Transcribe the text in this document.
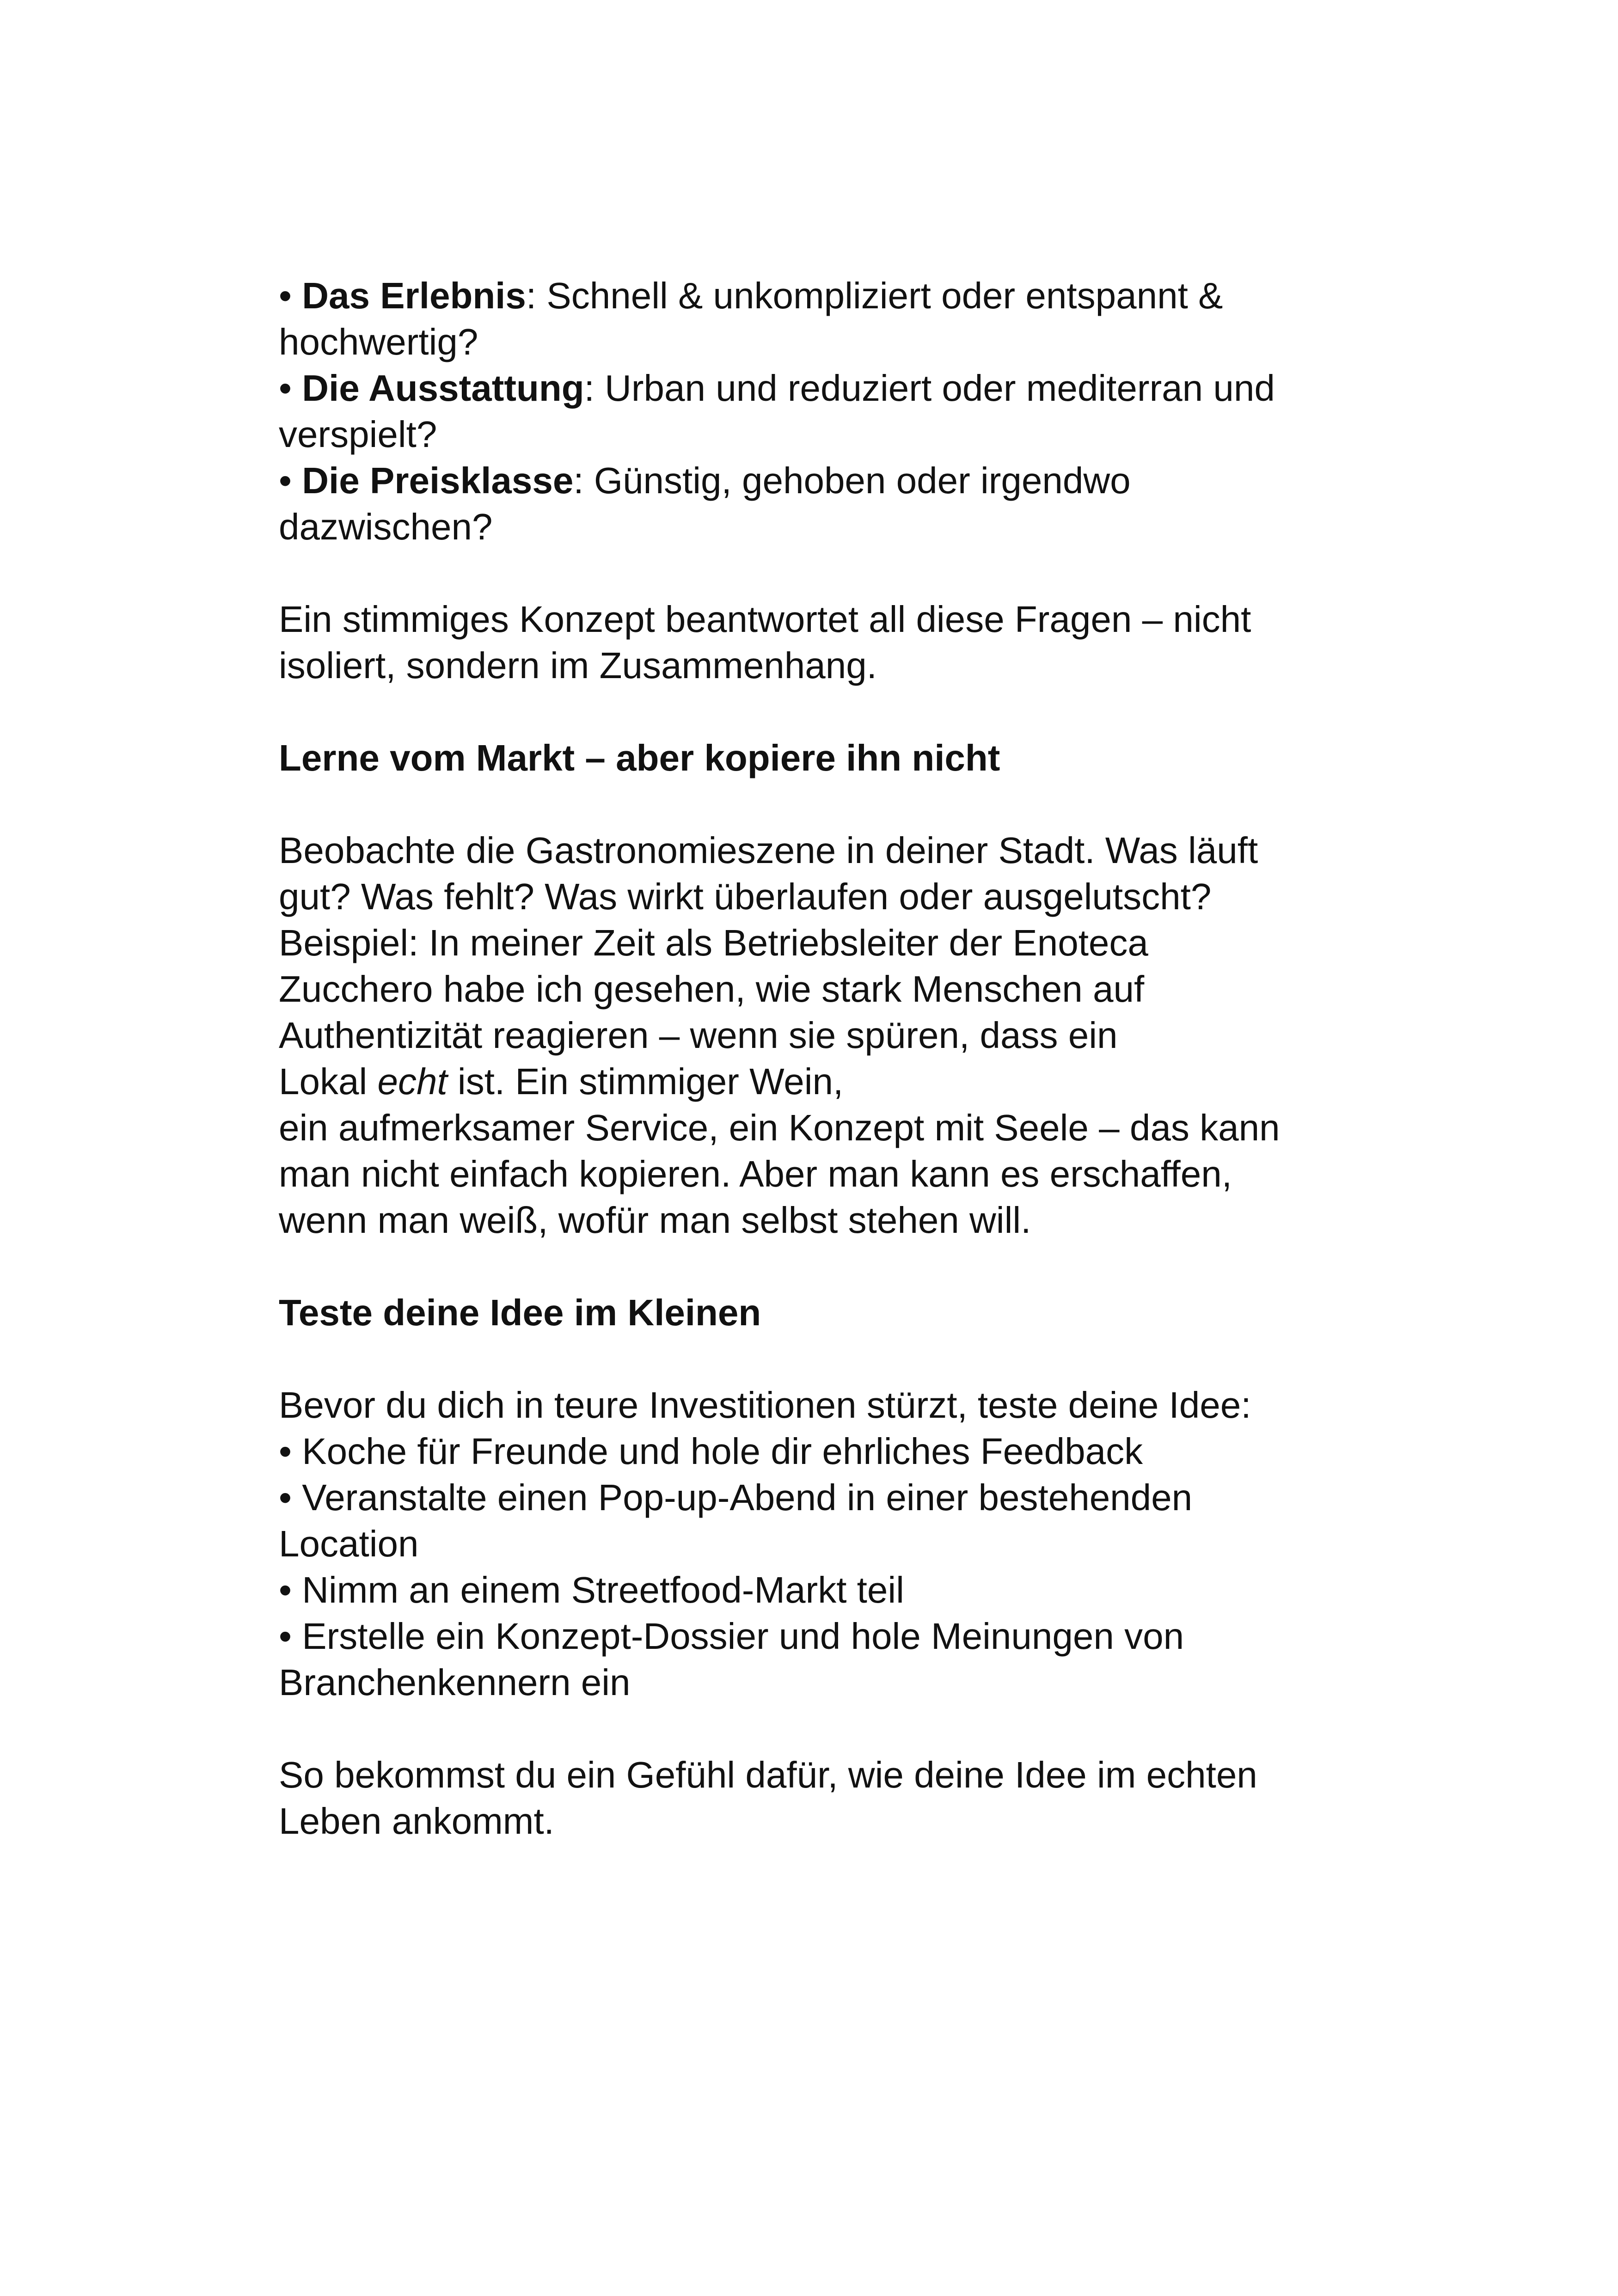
• Das Erlebnis: Schnell & unkompliziert oder entspannt &
hochwertig?
• Die Ausstattung: Urban und reduziert oder mediterran und
verspielt?
• Die Preisklasse: Günstig, gehoben oder irgendwo
dazwischen?
Ein stimmiges Konzept beantwortet all diese Fragen – nicht
isoliert, sondern im Zusammenhang.
Lerne vom Markt – aber kopiere ihn nicht
Beobachte die Gastronomieszene in deiner Stadt. Was läuft
gut? Was fehlt? Was wirkt überlaufen oder ausgelutscht?
Beispiel: In meiner Zeit als Betriebsleiter der Enoteca
Zucchero habe ich gesehen, wie stark Menschen auf
Authentizität reagieren – wenn sie spüren, dass ein
Lokal echt ist. Ein stimmiger Wein,
ein aufmerksamer Service, ein Konzept mit Seele – das kann
man nicht einfach kopieren. Aber man kann es erschaffen,
wenn man weiß, wofür man selbst stehen will.
Teste deine Idee im Kleinen
Bevor du dich in teure Investitionen stürzt, teste deine Idee:
• Koche für Freunde und hole dir ehrliches Feedback
• Veranstalte einen Pop-up-Abend in einer bestehenden
Location
• Nimm an einem Streetfood-Markt teil
• Erstelle ein Konzept-Dossier und hole Meinungen von
Branchenkennern ein
So bekommst du ein Gefühl dafür, wie deine Idee im echten
Leben ankommt.
